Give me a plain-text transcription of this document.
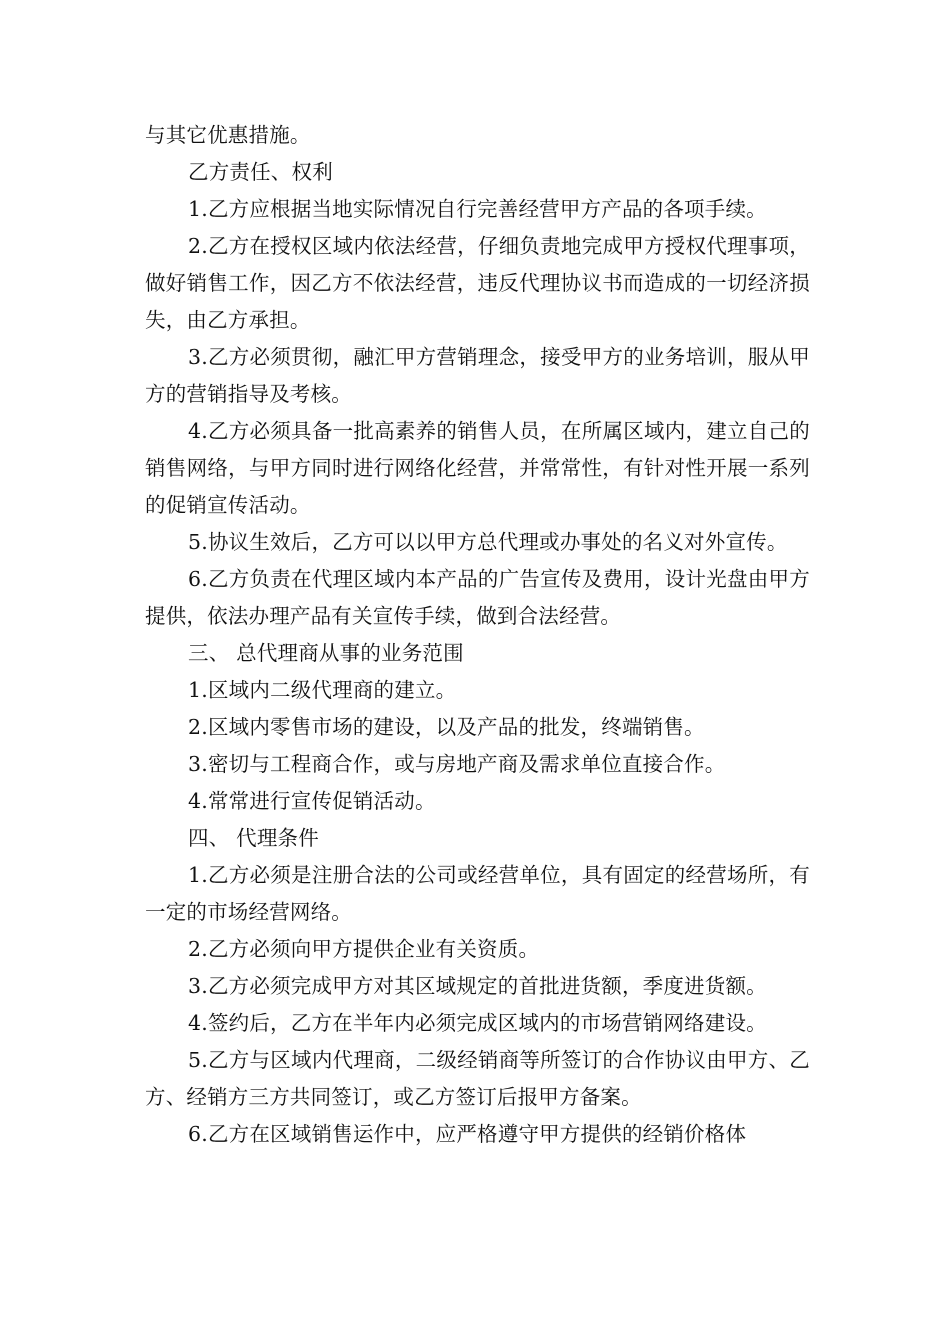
与其它优惠措施。

乙方责任、权利

1.乙方应根据当地实际情况自行完善经营甲方产品的各项手续。

2.乙方在授权区域内依法经营，仔细负责地完成甲方授权代理事项，做好销售工作，因乙方不依法经营，违反代理协议书而造成的一切经济损失，由乙方承担。

3.乙方必须贯彻，融汇甲方营销理念，接受甲方的业务培训，服从甲方的营销指导及考核。

4.乙方必须具备一批高素养的销售人员，在所属区域内，建立自己的销售网络，与甲方同时进行网络化经营，并常常性，有针对性开展一系列的促销宣传活动。

5.协议生效后，乙方可以以甲方总代理或办事处的名义对外宣传。

6.乙方负责在代理区域内本产品的广告宣传及费用，设计光盘由甲方提供，依法办理产品有关宣传手续，做到合法经营。

三、 总代理商从事的业务范围

1.区域内二级代理商的建立。

2.区域内零售市场的建设，以及产品的批发，终端销售。

3.密切与工程商合作，或与房地产商及需求单位直接合作。

4.常常进行宣传促销活动。

四、 代理条件

1.乙方必须是注册合法的公司或经营单位，具有固定的经营场所，有一定的市场经营网络。

2.乙方必须向甲方提供企业有关资质。

3.乙方必须完成甲方对其区域规定的首批进货额，季度进货额。

4.签约后，乙方在半年内必须完成区域内的市场营销网络建设。

5.乙方与区域内代理商，二级经销商等所签订的合作协议由甲方、乙方、经销方三方共同签订，或乙方签订后报甲方备案。

6.乙方在区域销售运作中，应严格遵守甲方提供的经销价格体
